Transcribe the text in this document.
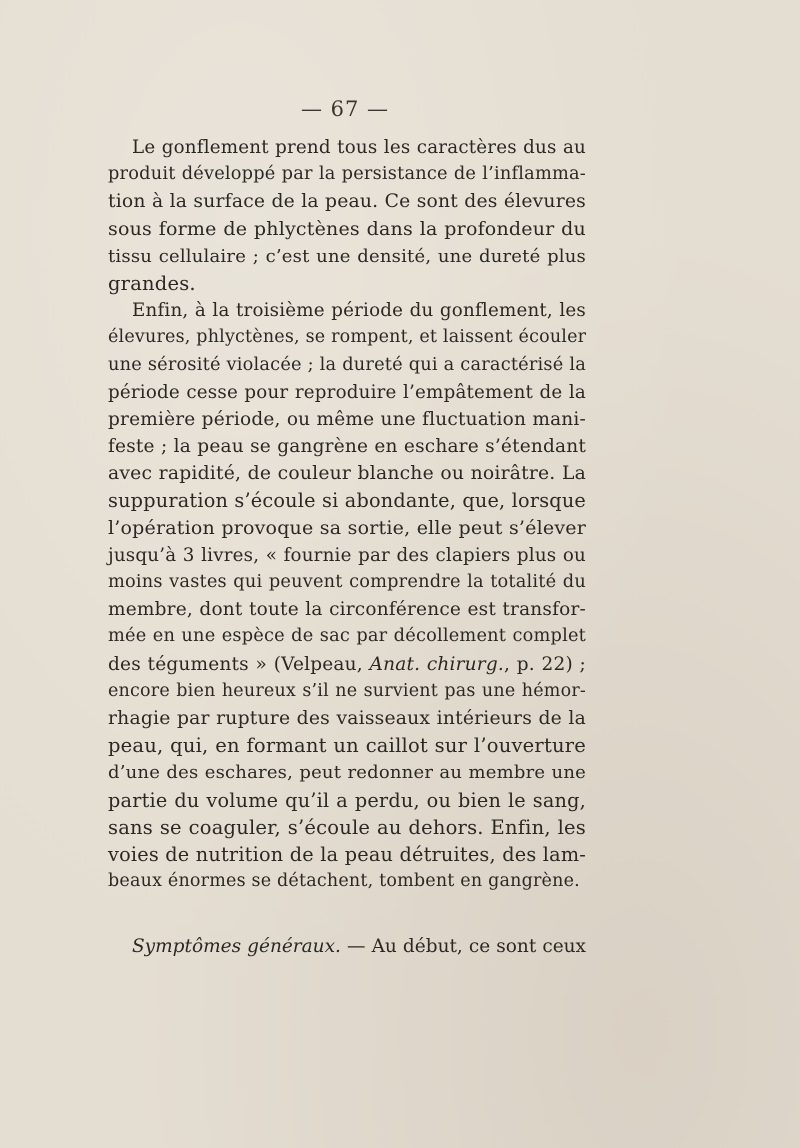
— 67 —
Le gonflement prend tous les caractères dus au
produit développé par la persistance de l’inflamma-
tion à la surface de la peau. Ce sont des élevures
sous forme de phlyctènes dans la profondeur du
tissu cellulaire ; c’est une densité, une dureté plus
grandes.
Enfin, à la troisième période du gonflement, les
élevures, phlyctènes, se rompent, et laissent écouler
une sérosité violacée ; la dureté qui a caractérisé la
période cesse pour reproduire l’empâtement de la
première période, ou même une fluctuation mani-
feste ; la peau se gangrène en eschare s’étendant
avec rapidité, de couleur blanche ou noirâtre. La
suppuration s’écoule si abondante, que, lorsque
l’opération provoque sa sortie, elle peut s’élever
jusqu’à 3 livres, « fournie par des clapiers plus ou
moins vastes qui peuvent comprendre la totalité du
membre, dont toute la circonférence est transfor-
mée en une espèce de sac par décollement complet
des téguments » (Velpeau, Anat. chirurg., p. 22) ;
encore bien heureux s’il ne survient pas une hémor-
rhagie par rupture des vaisseaux intérieurs de la
peau, qui, en formant un caillot sur l’ouverture
d’une des eschares, peut redonner au membre une
partie du volume qu’il a perdu, ou bien le sang,
sans se coaguler, s’écoule au dehors. Enfin, les
voies de nutrition de la peau détruites, des lam-
beaux énormes se détachent, tombent en gangrène.
Symptômes généraux. — Au début, ce sont ceux
